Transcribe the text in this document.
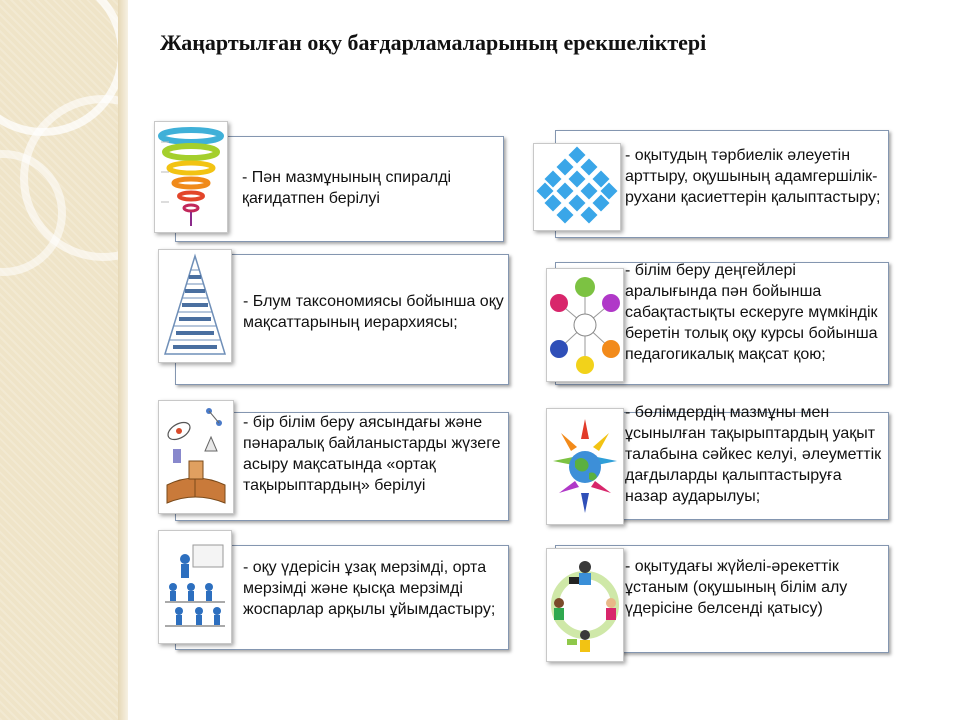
Жаңартылған оқу бағдарламаларының ерекшеліктері
- Пән мазмұнының спиралді қағидатпен берілуі
- Блум таксономиясы бойынша оқу мақсаттарының иерархиясы;
- бір білім беру аясындағы және пәнаралық байланыстарды жүзеге асыру мақсатында «ортақ тақырыптардың» берілуі
- оқу үдерісін ұзақ мерзімді, орта мерзімді және қысқа мерзімді жоспарлар арқылы ұйымдастыру;
- оқытудың тәрбиелік әлеуетін арттыру, оқушының адамгершілік-рухани қасиеттерін қалыптастыру;
- білім беру деңгейлері аралығында пән бойынша сабақтастықты ескеруге мүмкіндік беретін толық оқу курсы бойынша педагогикалық мақсат қою;
- бөлімдердің мазмұны мен ұсынылған тақырыптардың уақыт талабына сәйкес келуі, әлеуметтік дағдыларды қалыптастыруға назар аударылуы;
- оқытудағы жүйелі-әрекеттік ұстаным (оқушының білім алу үдерісіне белсенді қатысу)
